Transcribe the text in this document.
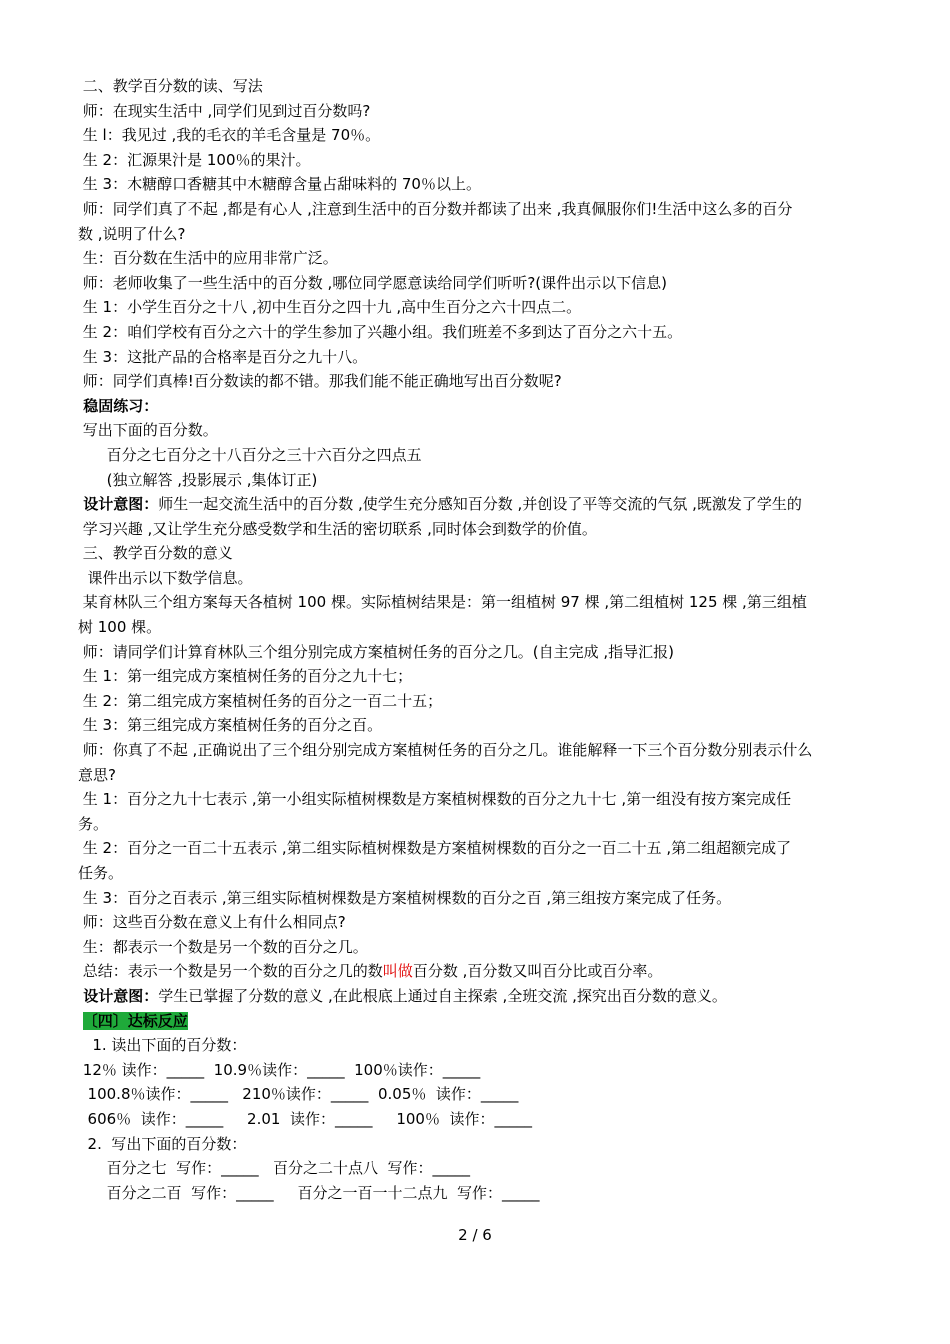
二、教学百分数的读、写法

师：在现实生活中 ,同学们见到过百分数吗?

生 l：我见过 ,我的毛衣的羊毛含量是 70％。

生 2：汇源果汁是 100％的果汁。

生 3：木糖醇口香糖其中木糖醇含量占甜味料的 70％以上。

师：同学们真了不起 ,都是有心人 ,注意到生活中的百分数并都读了出来 ,我真佩服你们!生活中这么多的百分

数 ,说明了什么?

生：百分数在生活中的应用非常广泛。

师：老师收集了一些生活中的百分数 ,哪位同学愿意读给同学们听听?(课件出示以下信息)

生 1：小学生百分之十八 ,初中生百分之四十九 ,高中生百分之六十四点二。

生 2：咱们学校有百分之六十的学生参加了兴趣小组。我们班差不多到达了百分之六十五。

生 3：这批产品的合格率是百分之九十八。

师：同学们真棒!百分数读的都不错。那我们能不能正确地写出百分数呢?

稳固练习：

写出下面的百分数。

百分之七百分之十八百分之三十六百分之四点五

(独立解答 ,投影展示 ,集体订正)

设计意图：师生一起交流生活中的百分数 ,使学生充分感知百分数 ,并创设了平等交流的气氛 ,既激发了学生的

学习兴趣 ,又让学生充分感受数学和生活的密切联系 ,同时体会到数学的价值。

三、教学百分数的意义

课件出示以下数学信息。

某育林队三个组方案每天各植树 100 棵。实际植树结果是：第一组植树 97 棵 ,第二组植树 125 棵 ,第三组植

树 100 棵。

师：请同学们计算育林队三个组分别完成方案植树任务的百分之几。(自主完成 ,指导汇报)

生 1：第一组完成方案植树任务的百分之九十七；

生 2：第二组完成方案植树任务的百分之一百二十五；

生 3：第三组完成方案植树任务的百分之百。

师：你真了不起 ,正确说出了三个组分别完成方案植树任务的百分之几。谁能解释一下三个百分数分别表示什么

意思?

生 1：百分之九十七表示 ,第一小组实际植树棵数是方案植树棵数的百分之九十七 ,第一组没有按方案完成任

务。

生 2：百分之一百二十五表示 ,第二组实际植树棵数是方案植树棵数的百分之一百二十五 ,第二组超额完成了

任务。

生 3：百分之百表示 ,第三组实际植树棵数是方案植树棵数的百分之百 ,第三组按方案完成了任务。

师：这些百分数在意义上有什么相同点?

生：都表示一个数是另一个数的百分之几。

总结：表示一个数是另一个数的百分之几的数叫做百分数 ,百分数又叫百分比或百分率。

设计意图：学生已掌握了分数的意义 ,在此根底上通过自主探索 ,全班交流 ,探究出百分数的意义。

〔四〕达标反应

1. 读出下面的百分数：

12％ 读作：_____  10.9％读作：_____  100％读作：_____

100.8％读作：_____   210％读作：_____  0.05％  读作：_____

606％  读作：_____     2.01  读作：_____     100％  读作：_____

2.  写出下面的百分数：

百分之七  写作：_____   百分之二十点八  写作：_____

百分之二百  写作：_____     百分之一百一十二点九  写作：_____

2 / 6
